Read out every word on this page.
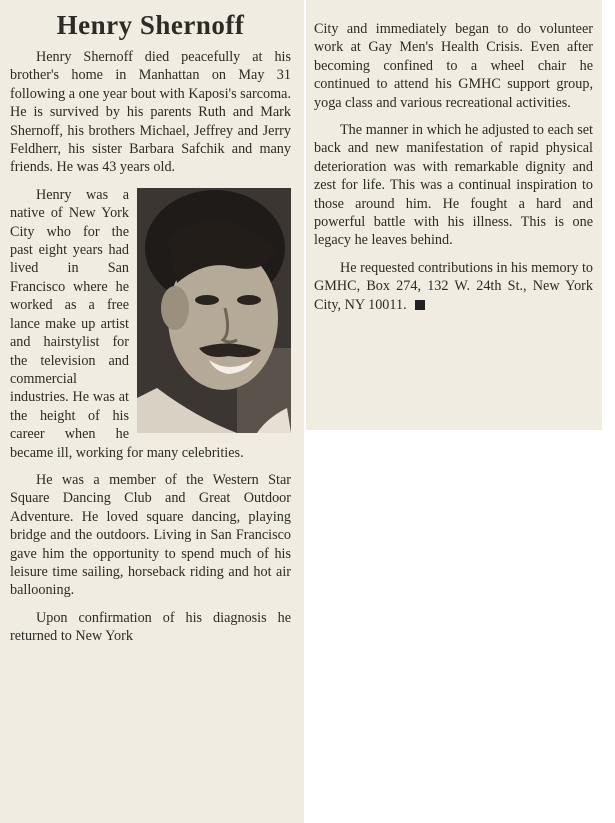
Henry Shernoff

Henry Shernoff died peacefully at his brother's home in Manhattan on May 31 following a one year bout with Kaposi's sarcoma. He is survived by his parents Ruth and Mark Shernoff, his brothers Michael, Jeffrey and Jerry Feldherr, his sister Barbara Safchik and many friends. He was 43 years old.

Henry was a native of New York City who for the past eight years had lived in San Francisco where he worked as a free lance make up artist and hairstylist for the television and commercial industries. He was at the height of his career when he became ill, working for many celebrities.

He was a member of the Western Star Square Dancing Club and Great Outdoor Adventure. He loved square dancing, playing bridge and the outdoors. Living in San Francisco gave him the opportunity to spend much of his leisure time sailing, horseback riding and hot air ballooning.

Upon confirmation of his diagnosis he returned to New York

City and immediately began to do volunteer work at Gay Men's Health Crisis. Even after becoming confined to a wheel chair he continued to attend his GMHC support group, yoga class and various recreational activities.

The manner in which he adjusted to each set back and new manifestation of rapid physical deterioration was with remarkable dignity and zest for life. This was a continual inspiration to those around him. He fought a hard and powerful battle with his illness. This is one legacy he leaves behind.

He requested contributions in his memory to GMHC, Box 274, 132 W. 24th St., New York City, NY 10011.
